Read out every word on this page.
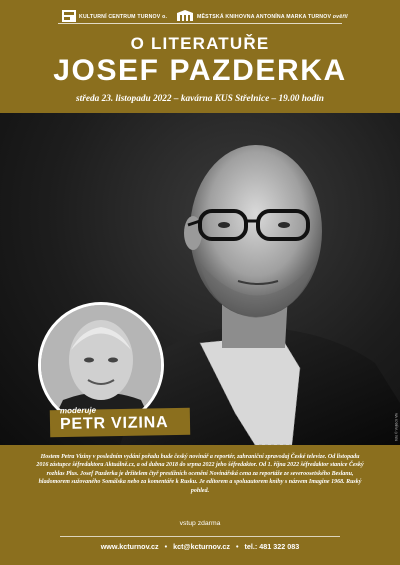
KULTURNÍ CENTRUM TURNOV o.	MĚSTSKÁ KNIHOVNA ANTONÍNA MARKA TURNOV ověřil
O LITERATUŘE
JOSEF PAZDERKA
středa 23. listopadu 2022 – kavárna KUS Střelnice – 19.00 hodin
foto © Vojtěch Vlk
moderuje
PETR VIZINA
Hostem Petra Viziny v posledním vydání pořadu bude český novinář a reportér, zahraniční zpravodaj České televize. Od listopadu 2016 zástupce šéfredaktora Aktuálně.cz, a od dubna 2018 do srpna 2022 jeho šéfredaktor. Od 1. října 2022 šéfredaktor stanice Český rozhlas Plus. Josef Pazderka je držitelem čtyř prestižních ocenění Novinářská cena za reportáže ze severoosetského Beslanu, hladomorem sužovaného Somálska nebo za komentáře k Rusku. Je editorem a spoluautorem knihy s názvem Imagine 1968. Ruský pohled.
vstup zdarma
www.kcturnov.cz • kct@kcturnov.cz • tel.: 481 322 083
